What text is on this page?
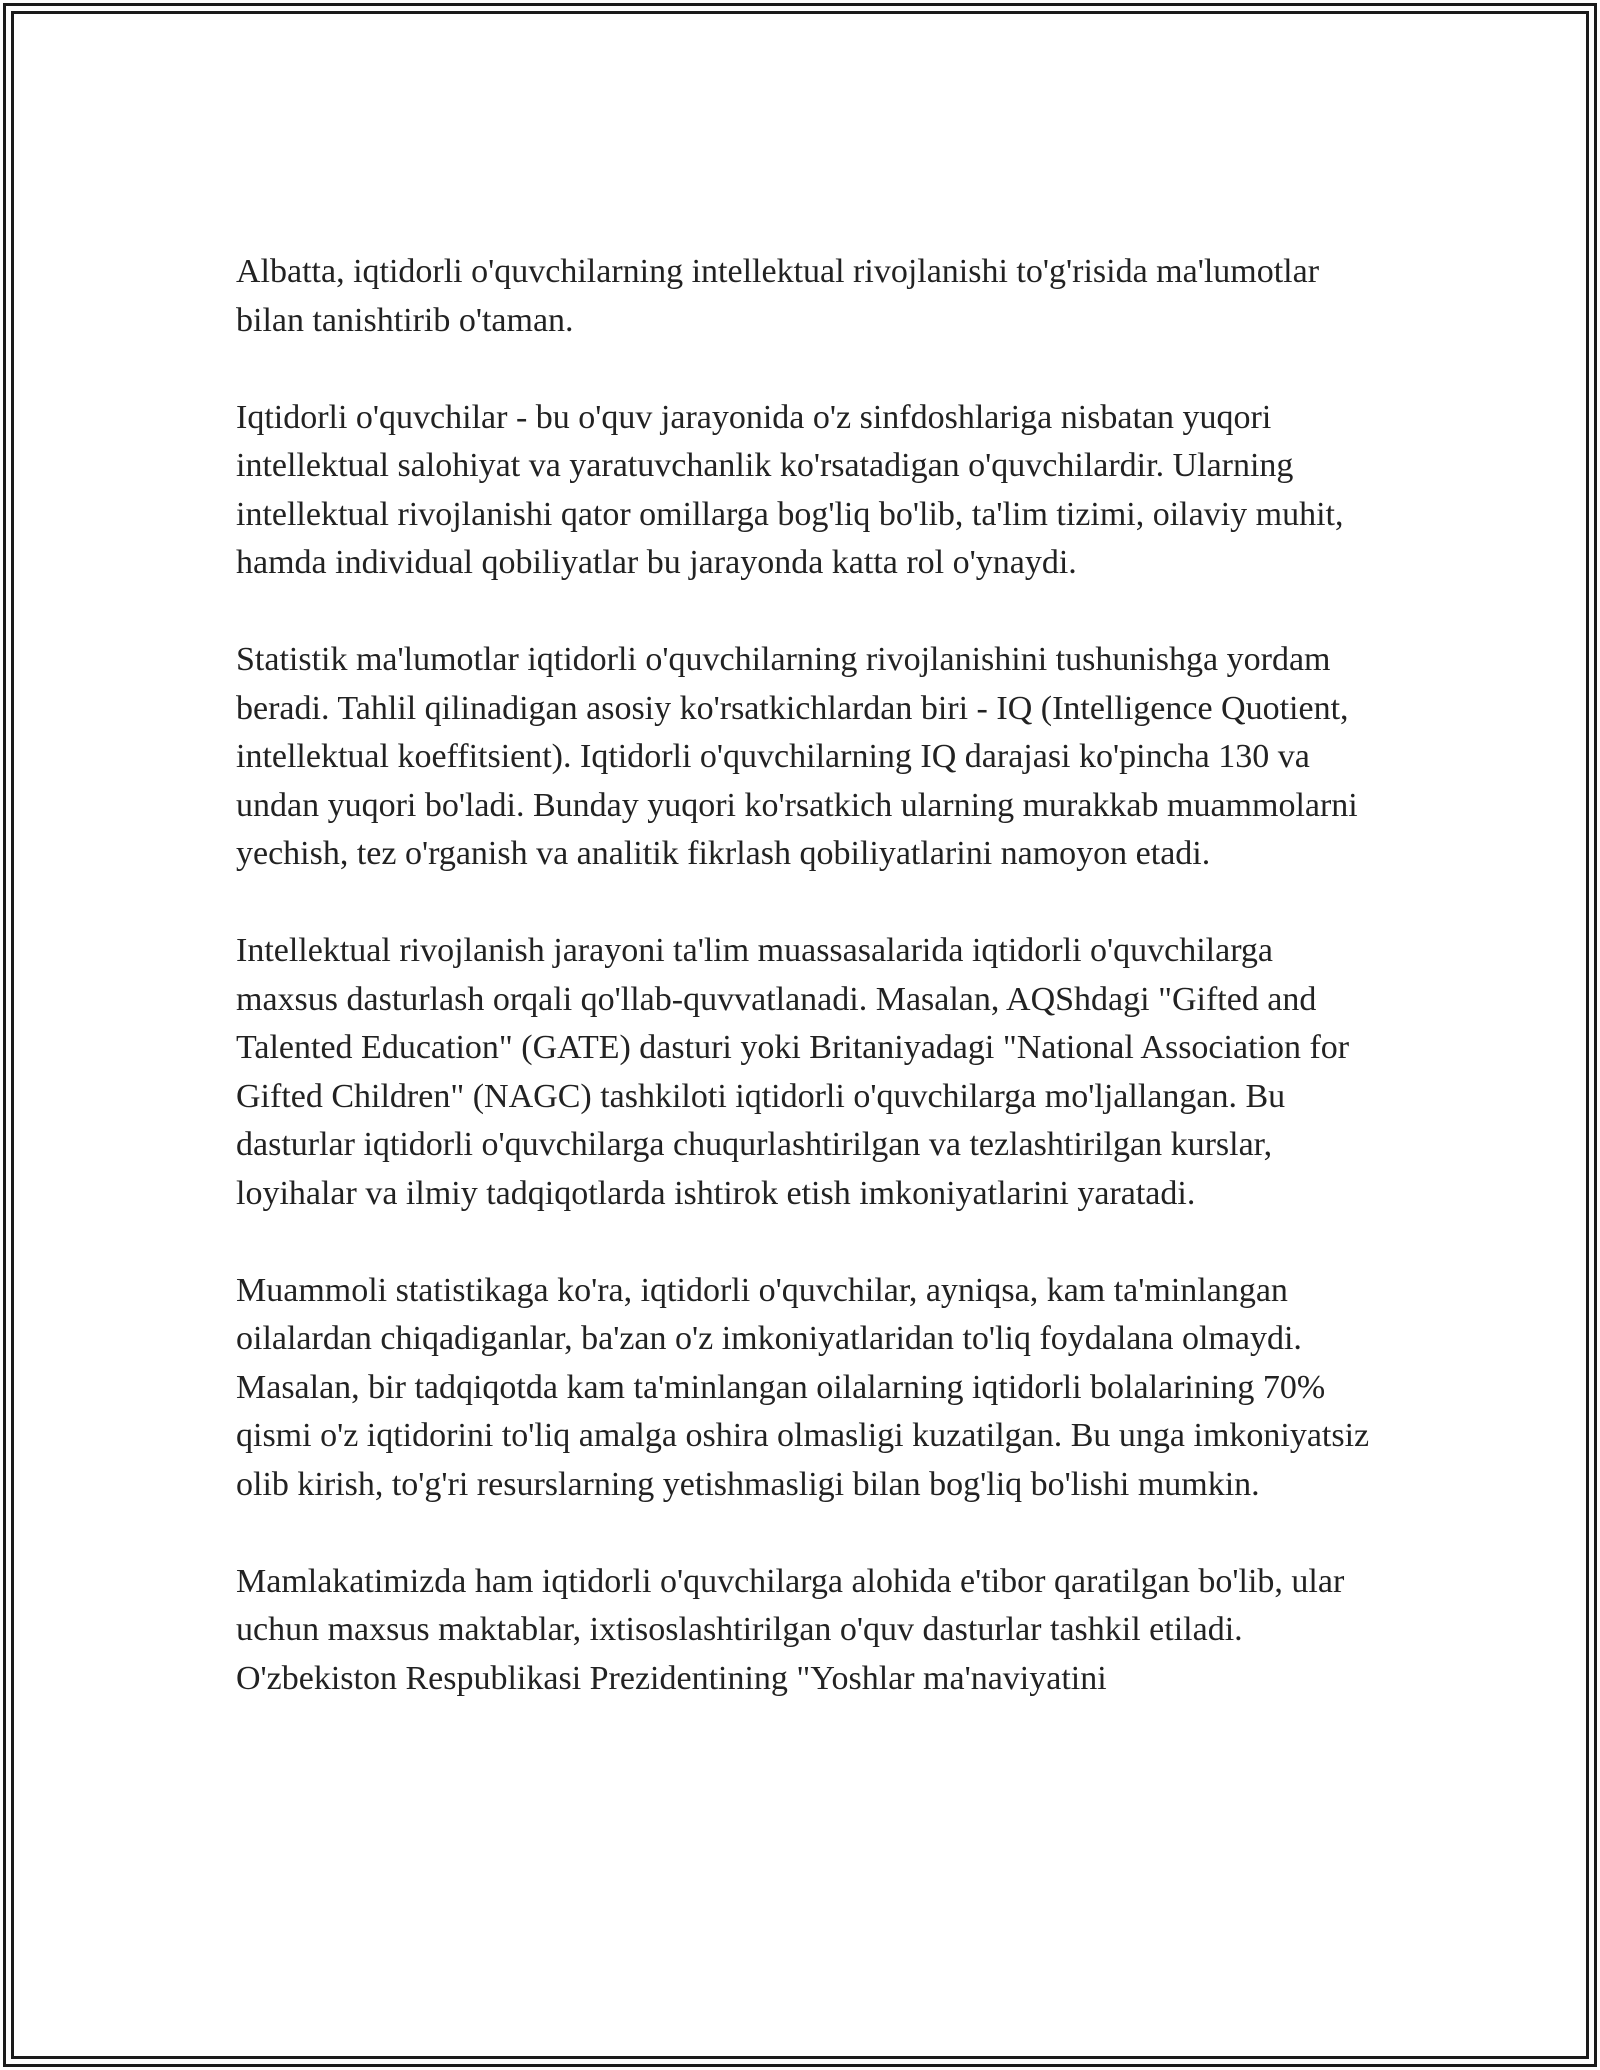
Albatta, iqtidorli o'quvchilarning intellektual rivojlanishi to'g'risida ma'lumotlar bilan tanishtirib o'taman.

Iqtidorli o'quvchilar - bu o'quv jarayonida o'z sinfdoshlariga nisbatan yuqori intellektual salohiyat va yaratuvchanlik ko'rsatadigan o'quvchilardir. Ularning intellektual rivojlanishi qator omillarga bog'liq bo'lib, ta'lim tizimi, oilaviy muhit, hamda individual qobiliyatlar bu jarayonda katta rol o'ynaydi.

Statistik ma'lumotlar iqtidorli o'quvchilarning rivojlanishini tushunishga yordam beradi. Tahlil qilinadigan asosiy ko'rsatkichlardan biri - IQ (Intelligence Quotient, intellektual koeffitsient). Iqtidorli o'quvchilarning IQ darajasi ko'pincha 130 va undan yuqori bo'ladi. Bunday yuqori ko'rsatkich ularning murakkab muammolarni yechish, tez o'rganish va analitik fikrlash qobiliyatlarini namoyon etadi.

Intellektual rivojlanish jarayoni ta'lim muassasalarida iqtidorli o'quvchilarga maxsus dasturlash orqali qo'llab-quvvatlanadi. Masalan, AQShdagi "Gifted and Talented Education" (GATE) dasturi yoki Britaniyadagi "National Association for Gifted Children" (NAGC) tashkiloti iqtidorli o'quvchilarga mo'ljallangan. Bu dasturlar iqtidorli o'quvchilarga chuqurlashtirilgan va tezlashtirilgan kurslar, loyihalar va ilmiy tadqiqotlarda ishtirok etish imkoniyatlarini yaratadi.

Muammoli statistikaga ko'ra, iqtidorli o'quvchilar, ayniqsa, kam ta'minlangan oilalardan chiqadiganlar, ba'zan o'z imkoniyatlaridan to'liq foydalana olmaydi. Masalan, bir tadqiqotda kam ta'minlangan oilalarning iqtidorli bolalarining 70% qismi o'z iqtidorini to'liq amalga oshira olmasligi kuzatilgan. Bu unga imkoniyatsiz olib kirish, to'g'ri resurslarning yetishmasligi bilan bog'liq bo'lishi mumkin.

Mamlakatimizda ham iqtidorli o'quvchilarga alohida e'tibor qaratilgan bo'lib, ular uchun maxsus maktablar, ixtisoslashtirilgan o'quv dasturlar tashkil etiladi. O'zbekiston Respublikasi Prezidentining "Yoshlar ma'naviyatini
